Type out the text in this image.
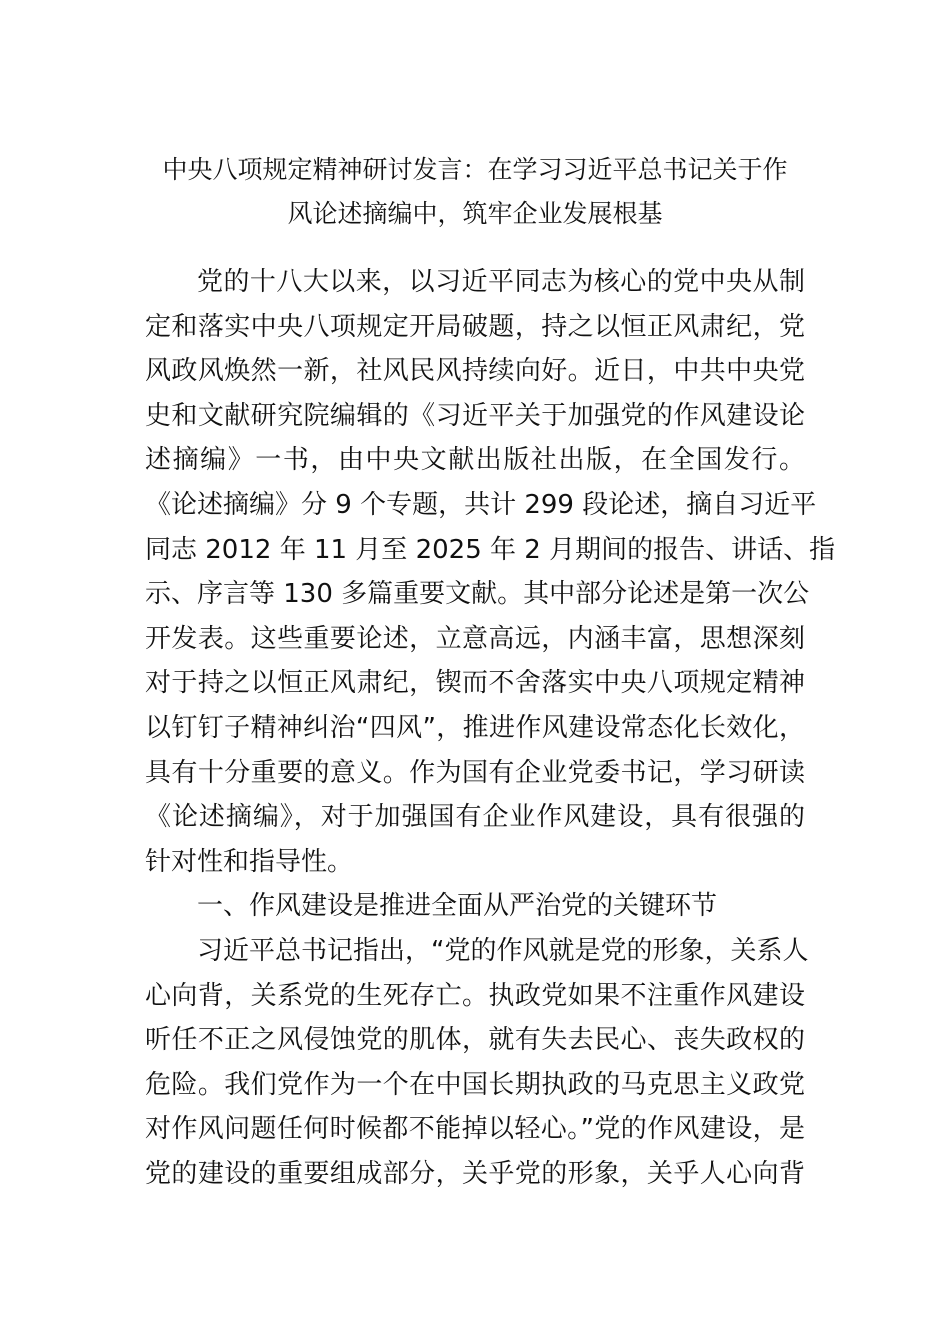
中央八项规定精神研讨发言：在学习习近平总书记关于作
风论述摘编中，筑牢企业发展根基
党的十八大以来，以习近平同志为核心的党中央从制
定和落实中央八项规定开局破题，持之以恒正风肃纪，党
风政风焕然一新，社风民风持续向好。近日，中共中央党
史和文献研究院编辑的《习近平关于加强党的作风建设论
述摘编》一书，由中央文献出版社出版，在全国发行。
《论述摘编》分 9 个专题，共计 299 段论述，摘自习近平
同志 2012 年 11 月至 2025 年 2 月期间的报告、讲话、指
示、序言等 130 多篇重要文献。其中部分论述是第一次公
开发表。这些重要论述，立意高远，内涵丰富，思想深刻
对于持之以恒正风肃纪，锲而不舍落实中央八项规定精神
以钉钉子精神纠治“四风”，推进作风建设常态化长效化，
具有十分重要的意义。作为国有企业党委书记，学习研读
《论述摘编》，对于加强国有企业作风建设，具有很强的
针对性和指导性。
一、作风建设是推进全面从严治党的关键环节
习近平总书记指出，“党的作风就是党的形象，关系人
心向背，关系党的生死存亡。执政党如果不注重作风建设
听任不正之风侵蚀党的肌体，就有失去民心、丧失政权的
危险。我们党作为一个在中国长期执政的马克思主义政党
对作风问题任何时候都不能掉以轻心。”党的作风建设，是
党的建设的重要组成部分，关乎党的形象，关乎人心向背
